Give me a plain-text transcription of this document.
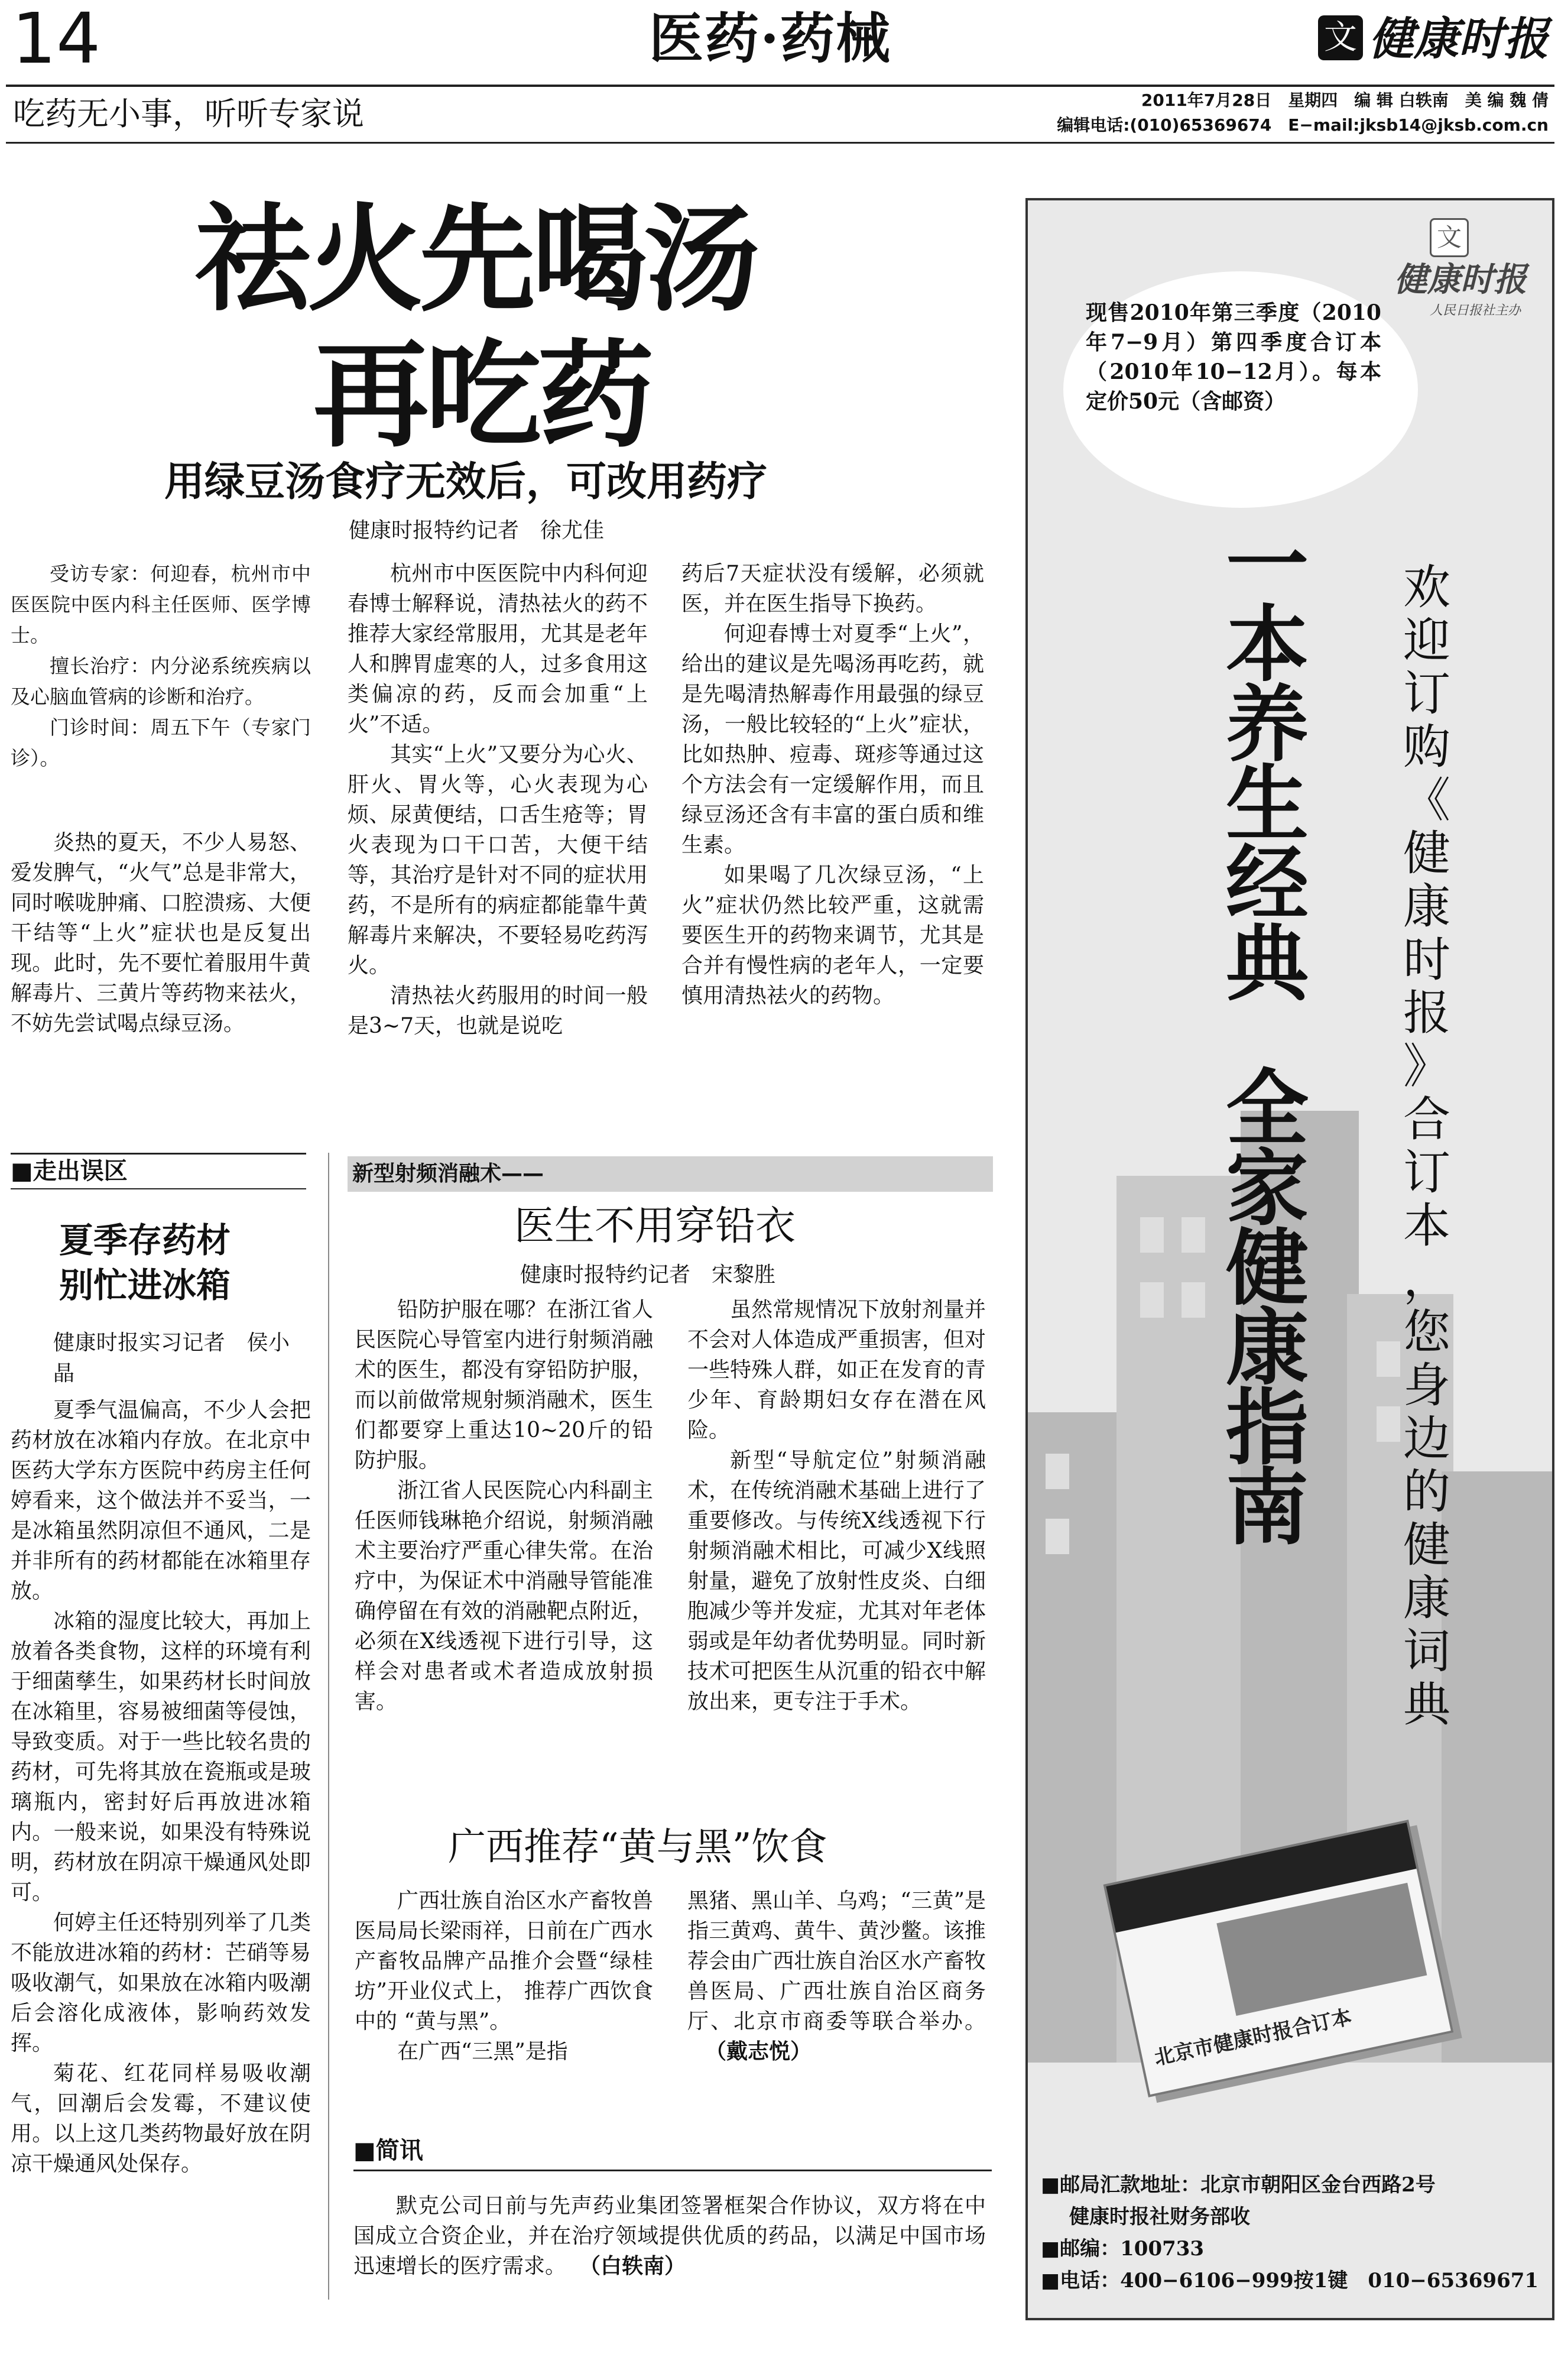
14	医药·药械	文 健康时报
吃药无小事，听听专家说	2011年7月28日　星期四　编 辑 白轶南　美 编 魏 倩
编辑电话:(010)65369674　E−mail:jksb14@jksb.com.cn
祛火先喝汤
再吃药
用绿豆汤食疗无效后，可改用药疗
健康时报特约记者　徐尤佳
受访专家：何迎春，杭州市中医医院中医内科主任医师、医学博士。
擅长治疗：内分泌系统疾病以及心脑血管病的诊断和治疗。
门诊时间：周五下午（专家门诊）。

炎热的夏天，不少人易怒、爱发脾气，“火气”总是非常大，同时喉咙肿痛、口腔溃疡、大便干结等“上火”症状也是反复出现。此时，先不要忙着服用牛黄解毒片、三黄片等药物来祛火，不妨先尝试喝点绿豆汤。

杭州市中医医院中内科何迎春博士解释说，清热祛火的药不推荐大家经常服用，尤其是老年人和脾胃虚寒的人，过多食用这类偏凉的药，反而会加重“上火”不适。

其实“上火”又要分为心火、肝火、胃火等，心火表现为心烦、尿黄便结，口舌生疮等；胃火表现为口干口苦，大便干结等，其治疗是针对不同的症状用药，不是所有的病症都能靠牛黄解毒片来解决，不要轻易吃药泻火。

清热祛火药服用的时间一般是3~7天，也就是说吃

药后7天症状没有缓解，必须就医，并在医生指导下换药。

何迎春博士对夏季“上火”，给出的建议是先喝汤再吃药，就是先喝清热解毒作用最强的绿豆汤，一般比较轻的“上火”症状，比如热肿、痘毒、斑疹等通过这个方法会有一定缓解作用，而且绿豆汤还含有丰富的蛋白质和维生素。

如果喝了几次绿豆汤，“上火”症状仍然比较严重，这就需要医生开的药物来调节，尤其是合并有慢性病的老年人，一定要慎用清热祛火的药物。

■走出误区
夏季存药材
别忙进冰箱
健康时报实习记者　侯小晶

夏季气温偏高，不少人会把药材放在冰箱内存放。在北京中医药大学东方医院中药房主任何婷看来，这个做法并不妥当，一是冰箱虽然阴凉但不通风，二是并非所有的药材都能在冰箱里存放。

冰箱的湿度比较大，再加上放着各类食物，这样的环境有利于细菌孳生，如果药材长时间放在冰箱里，容易被细菌等侵蚀，导致变质。对于一些比较名贵的药材，可先将其放在瓷瓶或是玻璃瓶内，密封好后再放进冰箱内。一般来说，如果没有特殊说明，药材放在阴凉干燥通风处即可。

何婷主任还特别列举了几类不能放进冰箱的药材：芒硝等易吸收潮气，如果放在冰箱内吸潮后会溶化成液体，影响药效发挥。

菊花、红花同样易吸收潮气，回潮后会发霉，不建议使用。以上这几类药物最好放在阴凉干燥通风处保存。

新型射频消融术——
医生不用穿铅衣
健康时报特约记者　宋黎胜

铅防护服在哪？在浙江省人民医院心导管室内进行射频消融术的医生，都没有穿铅防护服，而以前做常规射频消融术，医生们都要穿上重达10~20斤的铅防护服。

浙江省人民医院心内科副主任医师钱琳艳介绍说，射频消融术主要治疗严重心律失常。在治疗中，为保证术中消融导管能准确停留在有效的消融靶点附近，必须在X线透视下进行引导，这样会对患者或术者造成放射损害。

虽然常规情况下放射剂量并不会对人体造成严重损害，但对一些特殊人群，如正在发育的青少年、育龄期妇女存在潜在风险。

新型“导航定位”射频消融术，在传统消融术基础上进行了重要修改。与传统X线透视下行射频消融术相比，可减少X线照射量，避免了放射性皮炎、白细胞减少等并发症，尤其对年老体弱或是年幼者优势明显。同时新技术可把医生从沉重的铅衣中解放出来，更专注于手术。

广西推荐“黄与黑”饮食

广西壮族自治区水产畜牧兽医局局长梁雨祥，日前在广西水产畜牧品牌产品推介会暨“绿桂坊”开业仪式上， 推荐广西饮食中的 “黄与黑”。

在广西“三黑”是指

黑猪、黑山羊、乌鸡；“三黄”是指三黄鸡、黄牛、黄沙鳖。该推荐会由广西壮族自治区水产畜牧兽医局、广西壮族自治区商务厅、北京市商委等联合举办。（戴志悦）
■简讯

默克公司日前与先声药业集团签署框架合作协议，双方将在中国成立合资企业，并在治疗领域提供优质的药品，以满足中国市场迅速增长的医疗需求。 （白轶南）

文
健康时报
人民日报社主办
现售2010年第三季度（2010年7−9月）第四季度合订本（2010年10−12月）。每本定价50元（含邮资）
一
本
养
生
经
典

全
家
健
康
指
南
欢
迎
订
购
《
健
康
时
报
》
合
订
本
，
您
身
边
的
健
康
词
典
北京市健康时报合订本
■邮局汇款地址：北京市朝阳区金台西路2号
健康时报社财务部收
■邮编：100733
■电话：400−6106−999按1键　010−65369671
